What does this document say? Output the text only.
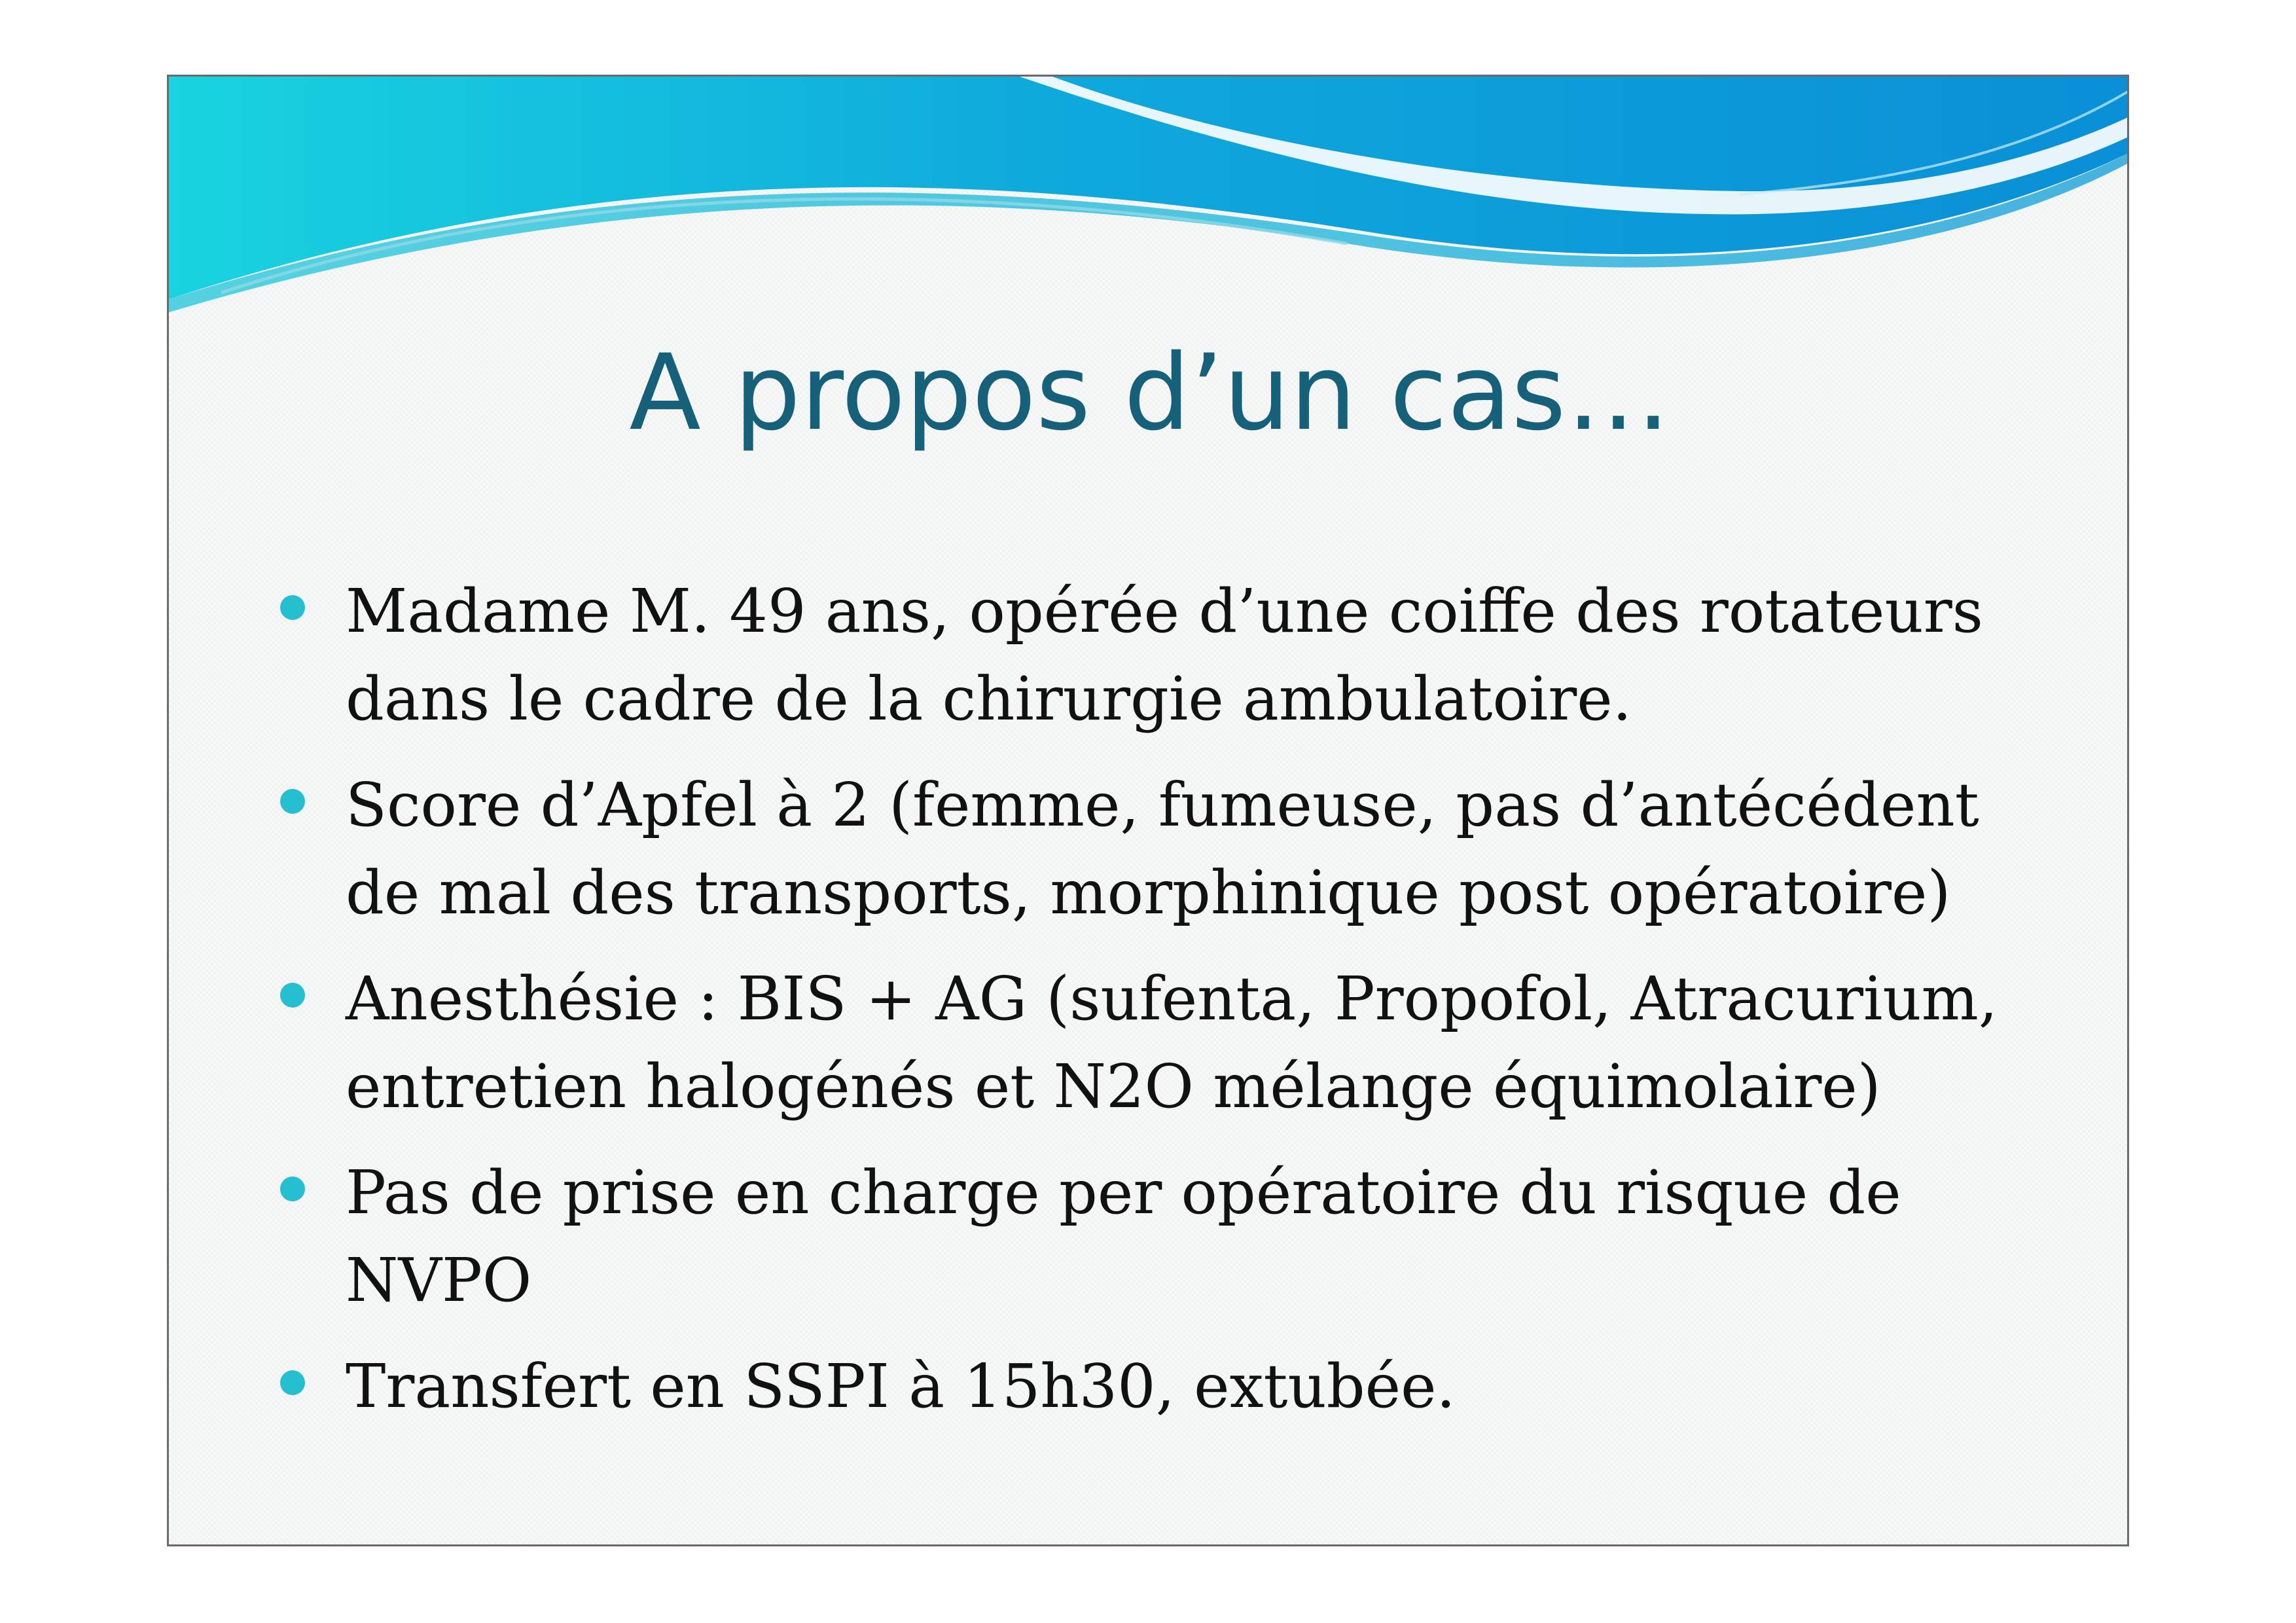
A propos d’un cas…
Madame M. 49 ans, opérée d’une coiffe des rotateurs
dans le cadre de la chirurgie ambulatoire.
Score d’Apfel à 2 (femme, fumeuse, pas d’antécédent
de mal des transports, morphinique post opératoire)
Anesthésie : BIS + AG (sufenta, Propofol, Atracurium,
entretien halogénés et N2O mélange équimolaire)
Pas de prise en charge per opératoire du risque de
NVPO
Transfert en SSPI à 15h30, extubée.
